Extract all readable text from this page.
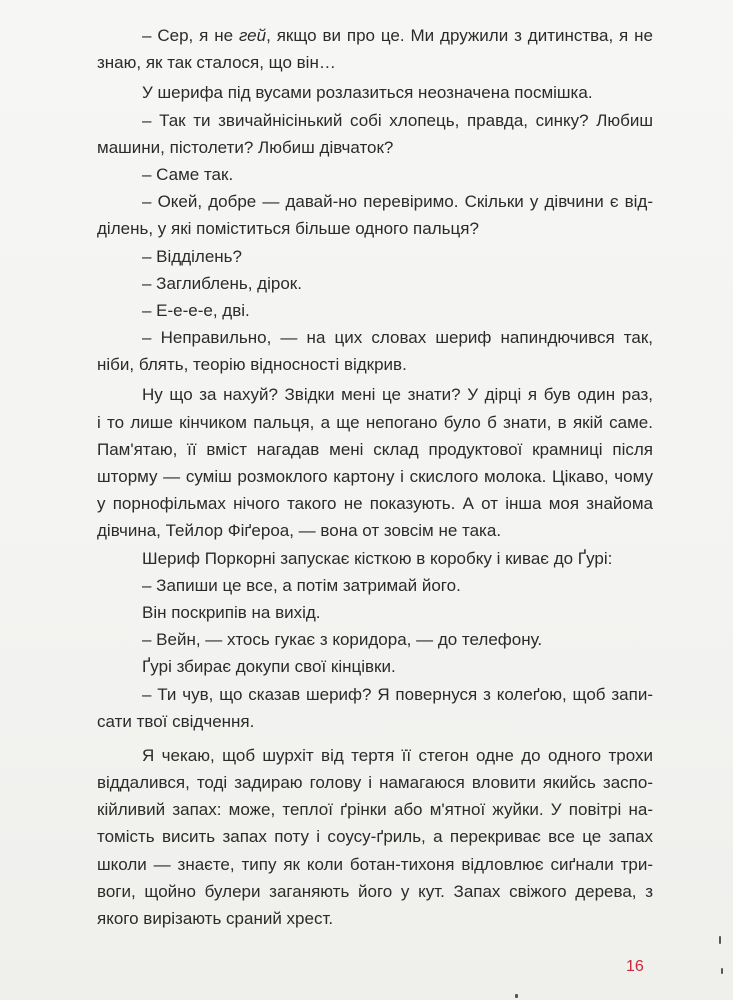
– Сер, я не гей, якщо ви про це. Ми дружили з дитинства, я не
знаю, як так сталося, що він…
У шерифа під вусами розлазиться неозначена посмішка.
– Так ти звичайнісінький собі хлопець, правда, синку? Любиш
машини, пістолети? Любиш дівчаток?
– Саме так.
– Окей, добре — давай-но перевіримо. Скільки у дівчини є від-
ділень, у які поміститься більше одного пальця?
– Відділень?
– Заглиблень, дірок.
– Е-е-е-е, дві.
– Неправильно, — на цих словах шериф напиндючився так,
ніби, блять, теорію відносності відкрив.
Ну що за нахуй? Звідки мені це знати? У дірці я був один раз,
і то лише кінчиком пальця, а ще непогано було б знати, в якій саме.
Пам'ятаю, її вміст нагадав мені склад продуктової крамниці після
шторму — суміш розмоклого картону і скислого молока. Цікаво, чому
у порнофільмах нічого такого не показують. А от інша моя знайома
дівчина, Тейлор Фіґероа, — вона от зовсім не така.
Шериф Поркорні запускає кісткою в коробку і киває до Ґурі:
– Запиши це все, а потім затримай його.
Він поскрипів на вихід.
– Вейн, — хтось гукає з коридора, — до телефону.
Ґурі збирає докупи свої кінцівки.
– Ти чув, що сказав шериф? Я повернуся з колеґою, щоб запи-
сати твої свідчення.
Я чекаю, щоб шурхіт від тертя її стегон одне до одного трохи
віддалився, тоді задираю голову і намагаюся вловити якийсь заспо-
кійливий запах: може, теплої ґрінки або м'ятної жуйки. У повітрі на-
томість висить запах поту і соусу-ґриль, а перекриває все це запах
школи — знаєте, типу як коли ботан-тихоня відловлює сиґнали три-
воги, щойно булери заганяють його у кут. Запах свіжого дерева, з
якого вирізають сраний хрест.
16
